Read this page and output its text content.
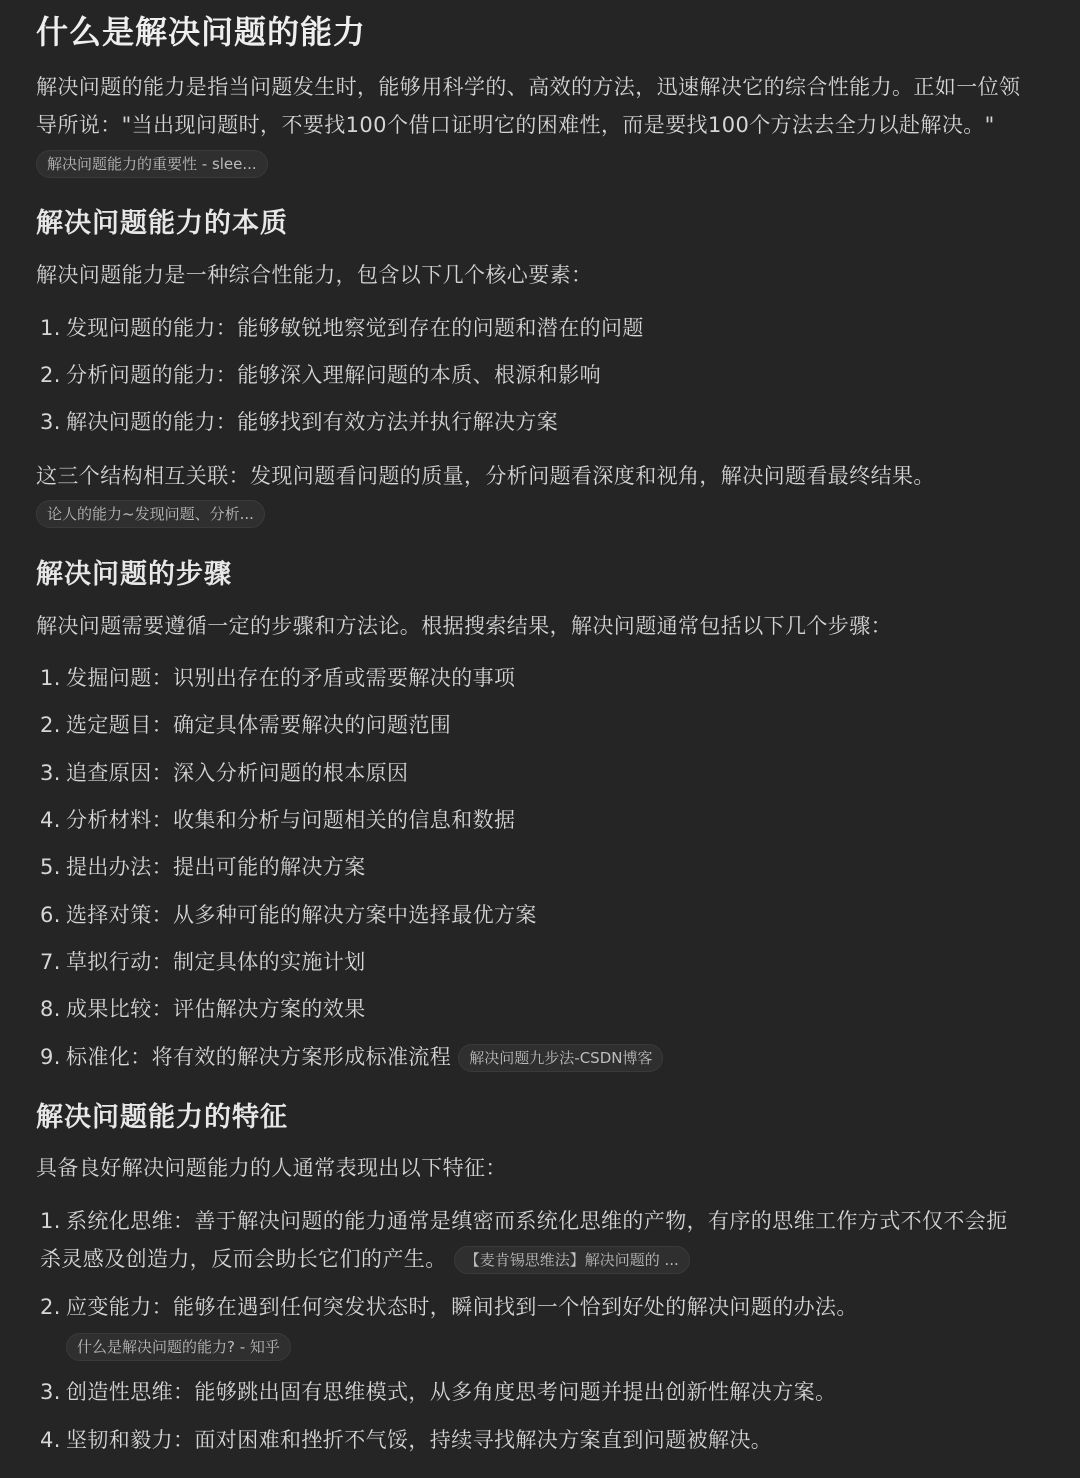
什么是解决问题的能力

解决问题的能力是指当问题发生时，能够用科学的、高效的方法，迅速解决它的综合性能力。正如一位领导所说："当出现问题时，不要找100个借口证明它的困难性，而是要找100个方法去全力以赴解决。" 解决问题能力的重要性 - slee...

解决问题能力的本质

解决问题能力是一种综合性能力，包含以下几个核心要素：

1. 发现问题的能力：能够敏锐地察觉到存在的问题和潜在的问题
2. 分析问题的能力：能够深入理解问题的本质、根源和影响
3. 解决问题的能力：能够找到有效方法并执行解决方案

这三个结构相互关联：发现问题看问题的质量，分析问题看深度和视角，解决问题看最终结果。

论人的能力~发现问题、分析...
解决问题的步骤

解决问题需要遵循一定的步骤和方法论。根据搜索结果，解决问题通常包括以下几个步骤：

1. 发掘问题：识别出存在的矛盾或需要解决的事项
2. 选定题目：确定具体需要解决的问题范围
3. 追查原因：深入分析问题的根本原因
4. 分析材料：收集和分析与问题相关的信息和数据
5. 提出办法：提出可能的解决方案
6. 选择对策：从多种可能的解决方案中选择最优方案
7. 草拟行动：制定具体的实施计划
8. 成果比较：评估解决方案的效果
9. 标准化：将有效的解决方案形成标准流程 解决问题九步法-CSDN博客
解决问题能力的特征

具备良好解决问题能力的人通常表现出以下特征：

1. 系统化思维：善于解决问题的能力通常是缜密而系统化思维的产物，有序的思维工作方式不仅不会扼杀灵感及创造力，反而会助长它们的产生。 【麦肯锡思维法】解决问题的 ...
2. 应变能力：能够在遇到任何突发状态时，瞬间找到一个恰到好处的解决问题的办法。
什么是解决问题的能力? - 知乎
3. 创造性思维：能够跳出固有思维模式，从多角度思考问题并提出创新性解决方案。
4. 坚韧和毅力：面对困难和挫折不气馁，持续寻找解决方案直到问题被解决。
